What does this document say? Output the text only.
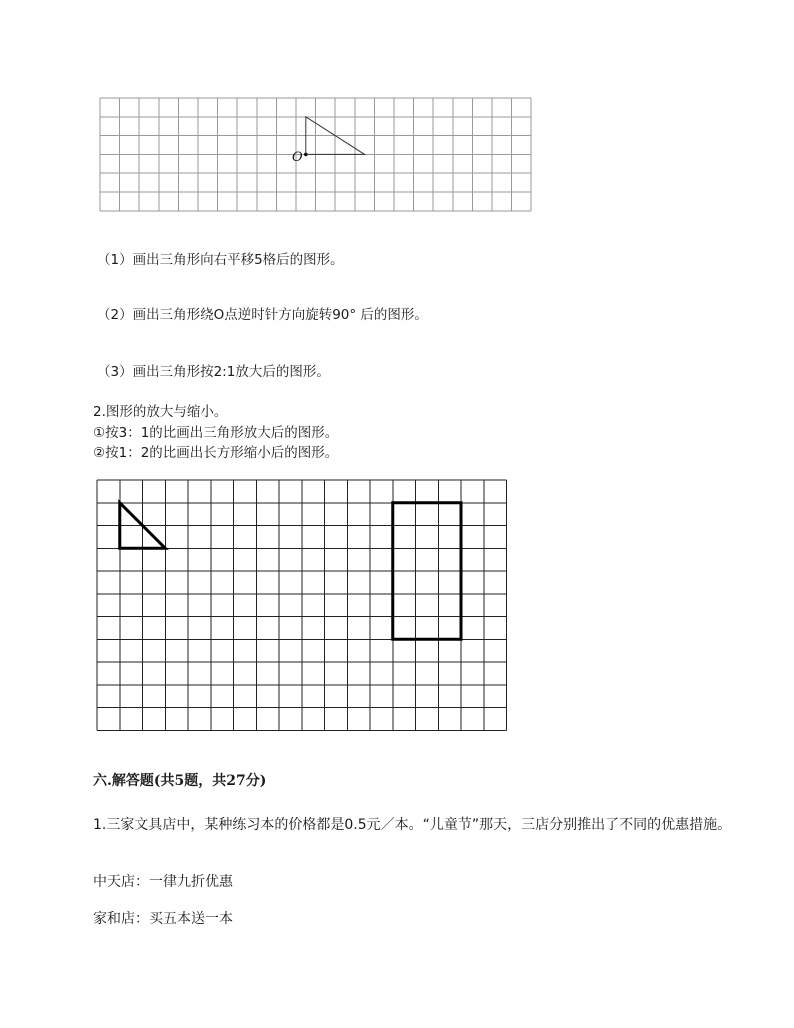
O
（1）画出三角形向右平移5格后的图形。
（2）画出三角形绕O点逆时针方向旋转90° 后的图形。
（3）画出三角形按2:1放大后的图形。
2.图形的放大与缩小。
①按3：1的比画出三角形放大后的图形。
②按1：2的比画出长方形缩小后的图形。
六.解答题(共5题，共27分)
1.三家文具店中，某种练习本的价格都是0.5元／本。“儿童节”那天，三店分别推出了不同的优惠措施。
中天店：一律九折优惠
家和店：买五本送一本
